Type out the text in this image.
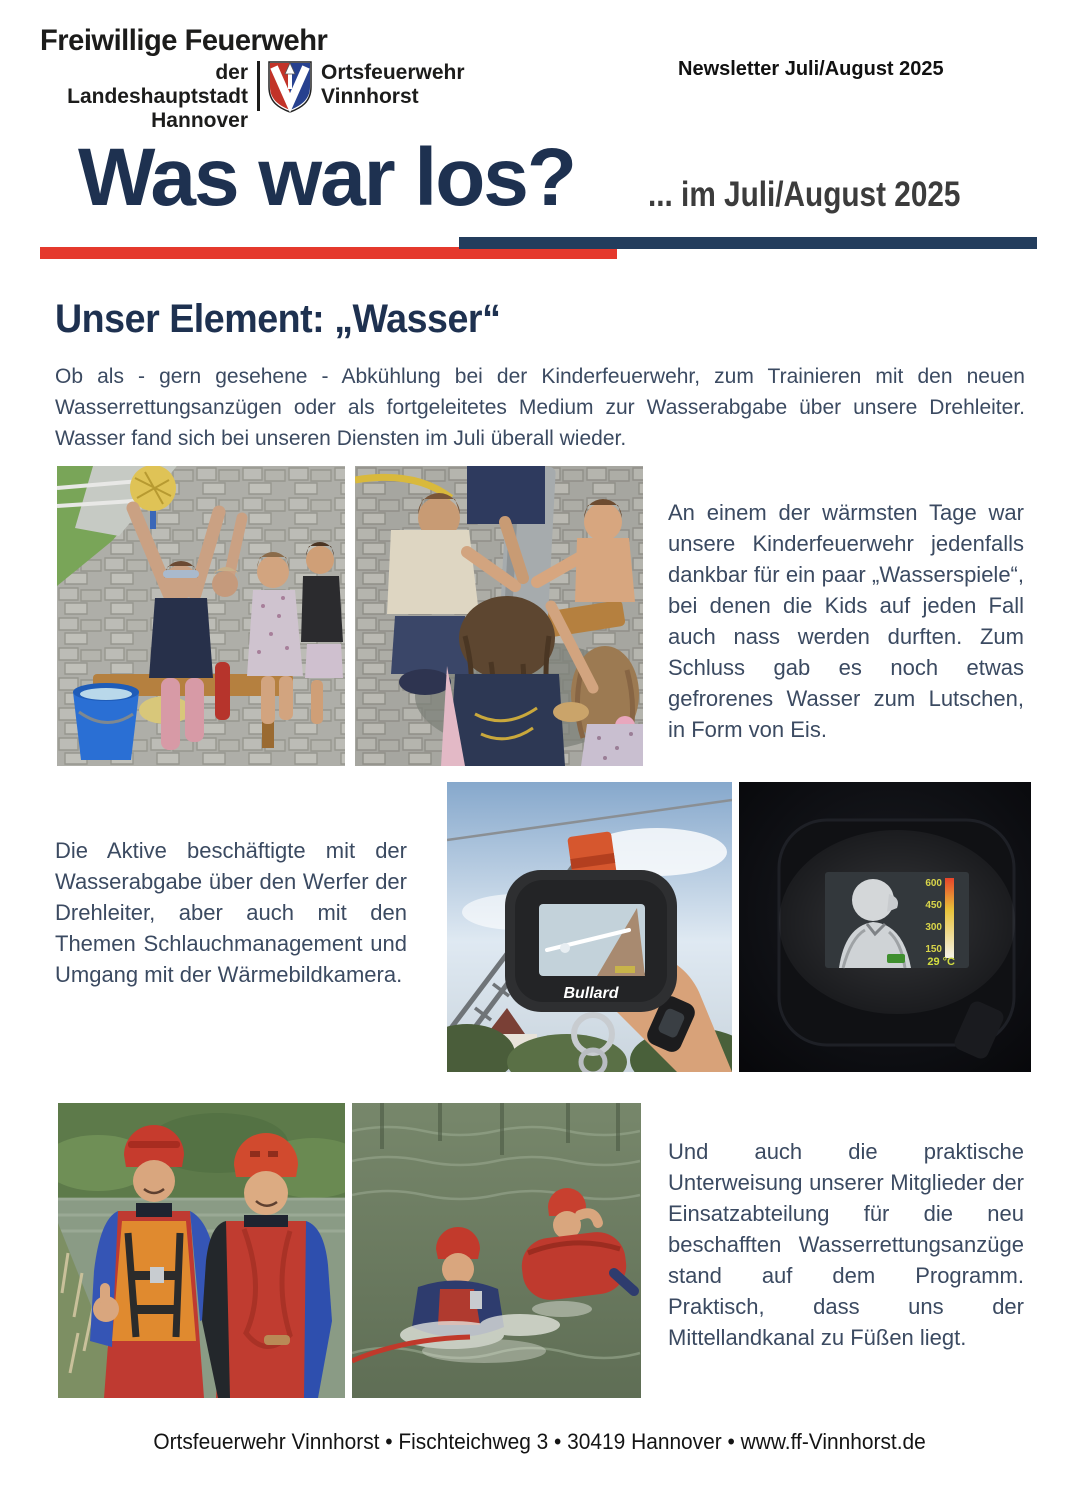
Freiwillige Feuerwehr
der Landeshauptstadt
Hannover
Ortsfeuerwehr
Vinnhorst
Newsletter Juli/August 2025
Was war los? ... im Juli/August 2025
Unser Element: „Wasser“
Ob als - gern gesehene - Abkühlung bei der Kinderfeuerwehr, zum Trainieren mit den neuen Wasserrettungsanzügen oder als fortgeleitetes Medium zur Wasserabgabe über unsere Drehleiter. Wasser fand sich bei unseren Diensten im Juli überall wieder.
An einem der wärmsten Tage war unsere Kinderfeuerwehr jedenfalls dankbar für ein paar „Wasserspiele“, bei denen die Kids auf jeden Fall auch nass werden durften. Zum Schluss gab es noch etwas gefrorenes Wasser zum Lutschen, in Form von Eis.
Die Aktive beschäftigte mit der Wasserabgabe über den Werfer der Drehleiter, aber auch mit den Themen Schlauchmanagement und Umgang mit der Wärmebildkamera.
Bullard
600
450
300
150
29 °C
Und auch die praktische Unterweisung unserer Mitglieder der Einsatzabteilung für die neu beschafften Wasserrettungsanzüge stand auf dem Programm. Praktisch, dass uns der Mittellandkanal zu Füßen liegt.
Ortsfeuerwehr Vinnhorst • Fischteichweg 3 • 30419 Hannover • www.ff-Vinnhorst.de
